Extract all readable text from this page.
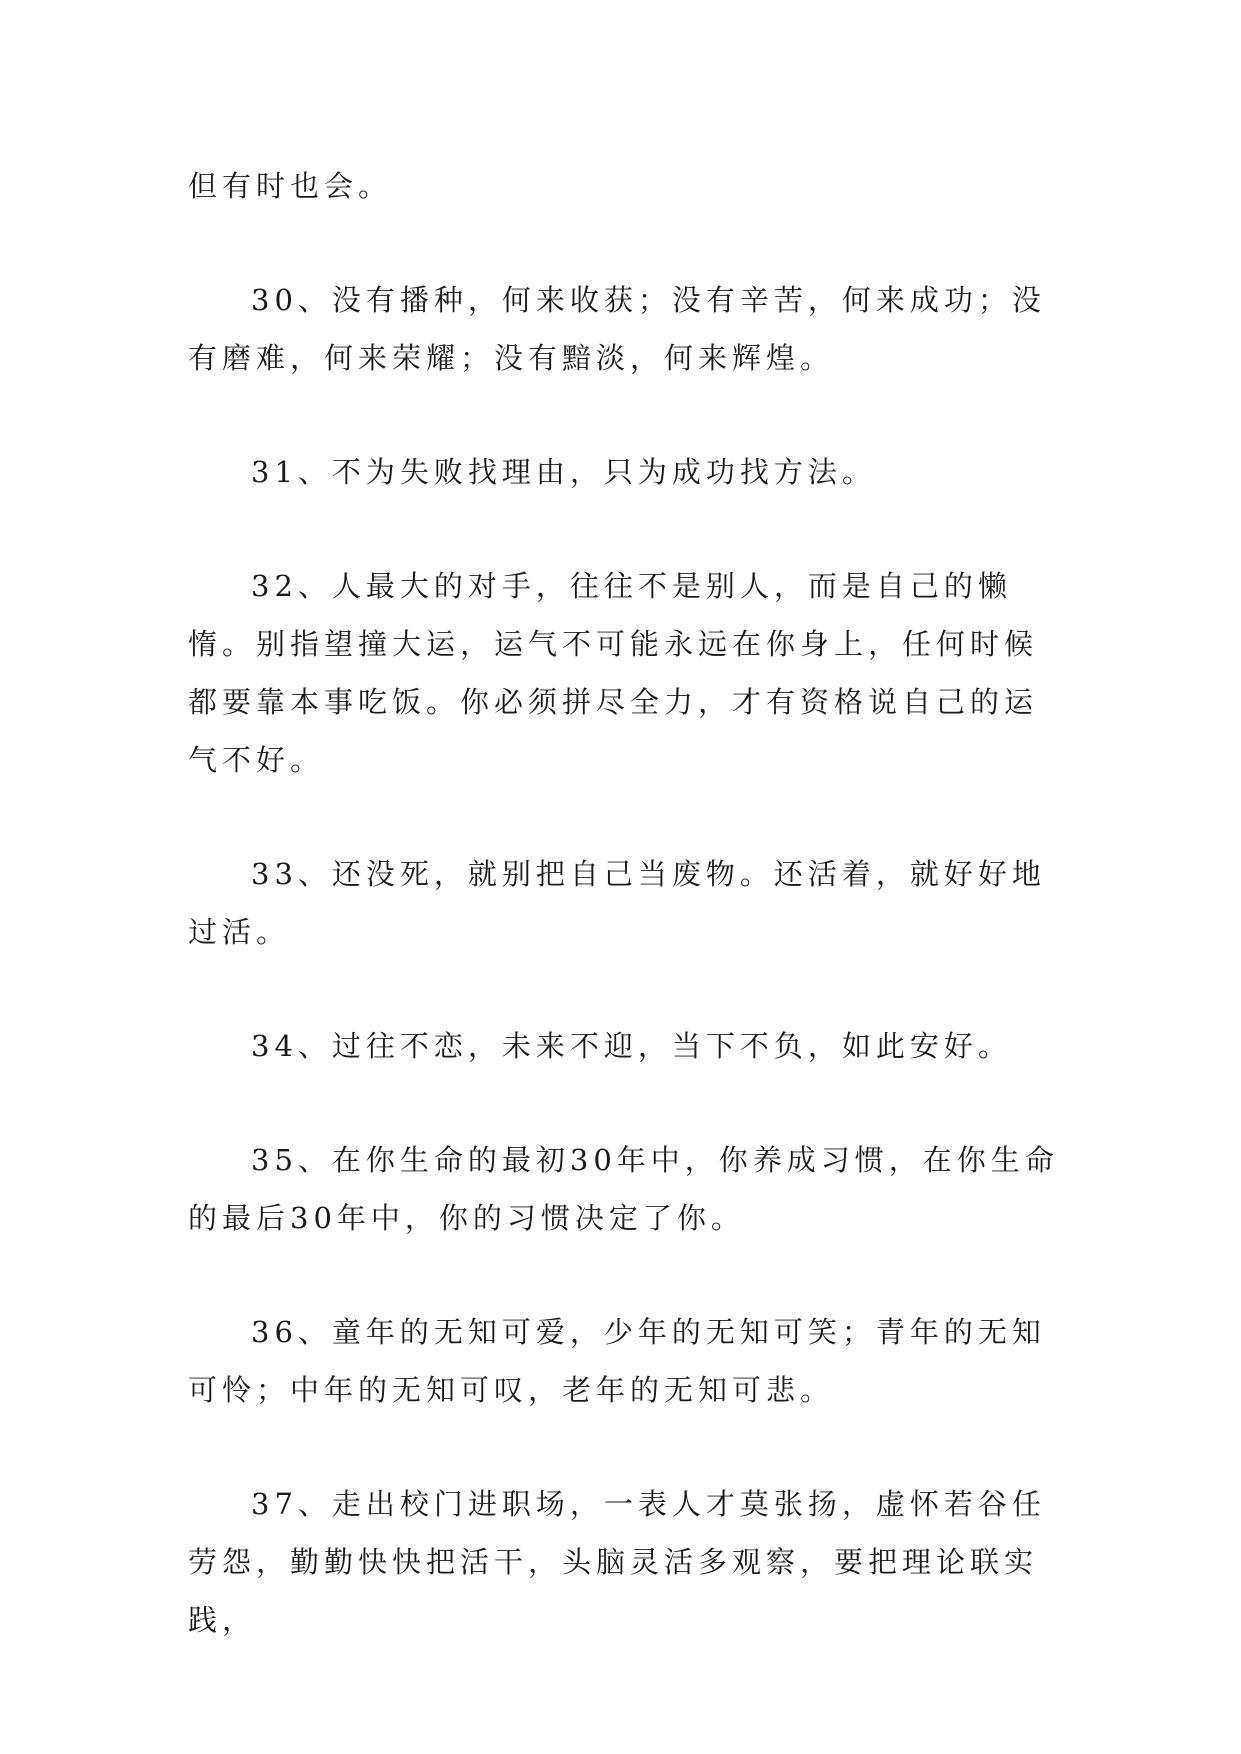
但有时也会。

30、没有播种，何来收获；没有辛苦，何来成功；没有磨难，何来荣耀；没有黯淡，何来辉煌。

31、不为失败找理由，只为成功找方法。

32、人最大的对手，往往不是别人，而是自己的懒惰。别指望撞大运，运气不可能永远在你身上，任何时候都要靠本事吃饭。你必须拼尽全力，才有资格说自己的运气不好。

33、还没死，就别把自己当废物。还活着，就好好地过活。

34、过往不恋，未来不迎，当下不负，如此安好。

35、在你生命的最初30年中，你养成习惯，在你生命的最后30年中，你的习惯决定了你。

36、童年的无知可爱，少年的无知可笑；青年的无知可怜；中年的无知可叹，老年的无知可悲。

37、走出校门进职场，一表人才莫张扬，虚怀若谷任劳怨，勤勤快快把活干，头脑灵活多观察，要把理论联实践，
